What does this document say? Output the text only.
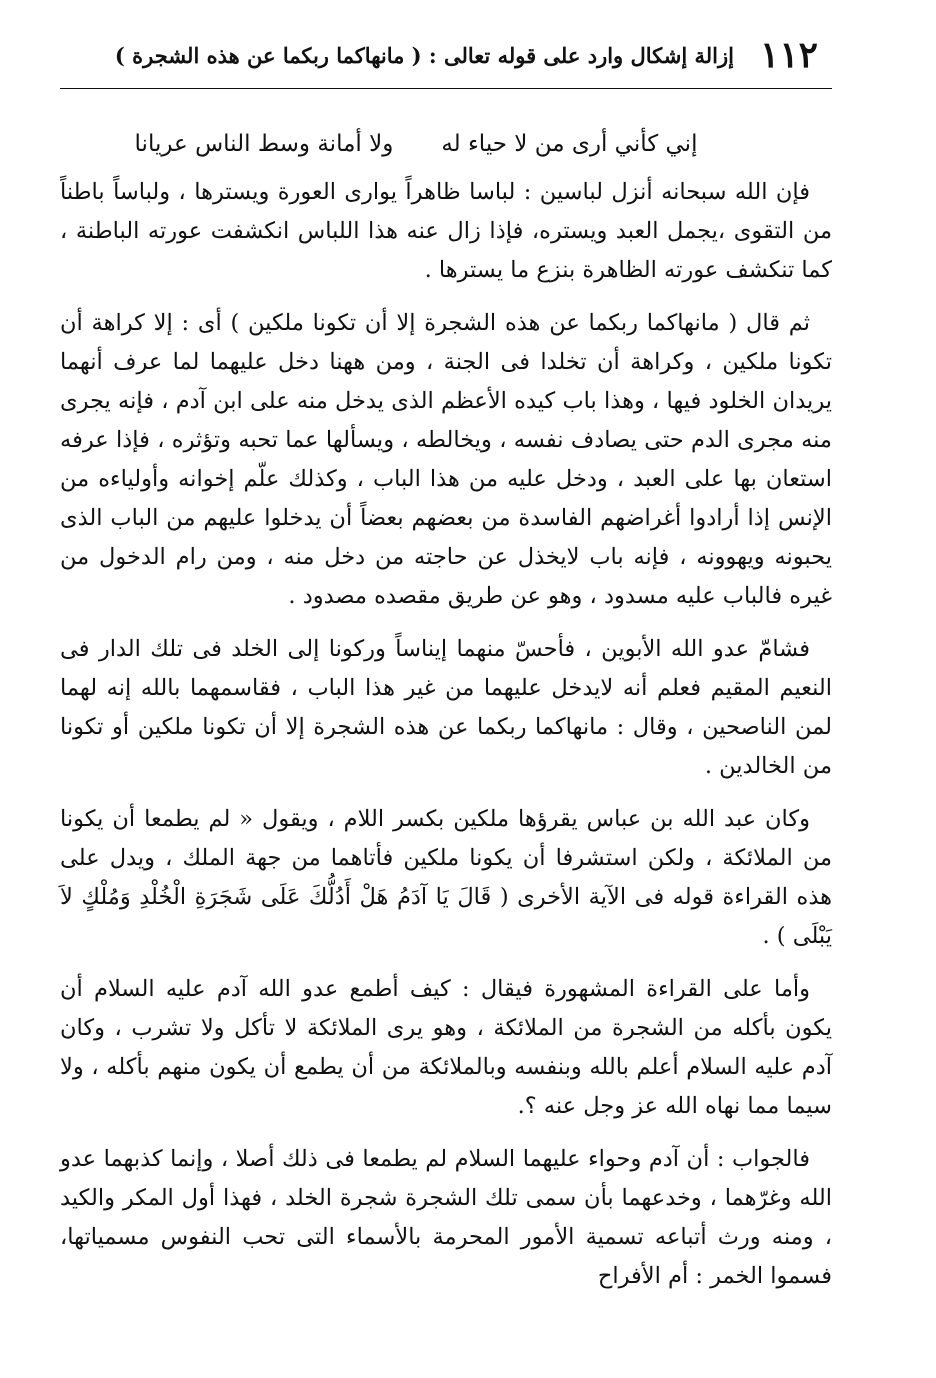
١١٢
إزالة إشكال وارد على قوله تعالى : ( مانهاكما ربكما عن هذه الشجرة )
إني كأني أرى من لا حياء له
ولا أمانة وسط الناس عريانا

فإن الله سبحانه أنزل لباسين : لباسا ظاهراً يوارى العورة ويسترها ، ولباساً باطناً من التقوى ،يجمل العبد ويستره، فإذا زال عنه هذا اللباس انكشفت عورته الباطنة ، كما تنكشف عورته الظاهرة بنزع ما يسترها .

ثم قال ( مانهاكما ربكما عن هذه الشجرة إلا أن تكونا ملكين ) أى : إلا كراهة أن تكونا ملكين ، وكراهة أن تخلدا فى الجنة ، ومن ههنا دخل عليهما لما عرف أنهما يريدان الخلود فيها ، وهذا باب كيده الأعظم الذى يدخل منه على ابن آدم ، فإنه يجرى منه مجرى الدم حتى يصادف نفسه ، ويخالطه ، ويسألها عما تحبه وتؤثره ، فإذا عرفه استعان بها على العبد ، ودخل عليه من هذا الباب ، وكذلك علّم إخوانه وأولياءه من الإنس إذا أرادوا أغراضهم الفاسدة من بعضهم بعضاً أن يدخلوا عليهم من الباب الذى يحبونه ويهوونه ، فإنه باب لايخذل عن حاجته من دخل منه ، ومن رام الدخول من غيره فالباب عليه مسدود ، وهو عن طريق مقصده مصدود .

فشامّ عدو الله الأبوين ، فأحسّ منهما إيناساً وركونا إلى الخلد فى تلك الدار فى النعيم المقيم فعلم أنه لايدخل عليهما من غير هذا الباب ، فقاسمهما بالله إنه لهما لمن الناصحين ، وقال : مانهاكما ربكما عن هذه الشجرة إلا أن تكونا ملكين أو تكونا من الخالدين .

وكان عبد الله بن عباس يقرؤها ملكين بكسر اللام ، ويقول « لم يطمعا أن يكونا من الملائكة ، ولكن استشرفا أن يكونا ملكين فأتاهما من جهة الملك ، ويدل على هذه القراءة قوله فى الآية الأخرى ( قَالَ يَا آدَمُ هَلْ أَدُلُّكَ عَلَى شَجَرَةِ الْخُلْدِ وَمُلْكٍ لاَ يَبْلَى ) .

وأما على القراءة المشهورة فيقال : كيف أطمع عدو الله آدم عليه السلام أن يكون بأكله من الشجرة من الملائكة ، وهو يرى الملائكة لا تأكل ولا تشرب ، وكان آدم عليه السلام أعلم بالله وبنفسه وبالملائكة من أن يطمع أن يكون منهم بأكله ، ولا سيما مما نهاه الله عز وجل عنه ؟.

فالجواب : أن آدم وحواء عليهما السلام لم يطمعا فى ذلك أصلا ، وإنما كذبهما عدو الله وغرّهما ، وخدعهما بأن سمى تلك الشجرة شجرة الخلد ، فهذا أول المكر والكيد ، ومنه ورث أتباعه تسمية الأمور المحرمة بالأسماء التى تحب النفوس مسمياتها، فسموا الخمر : أم الأفراح
